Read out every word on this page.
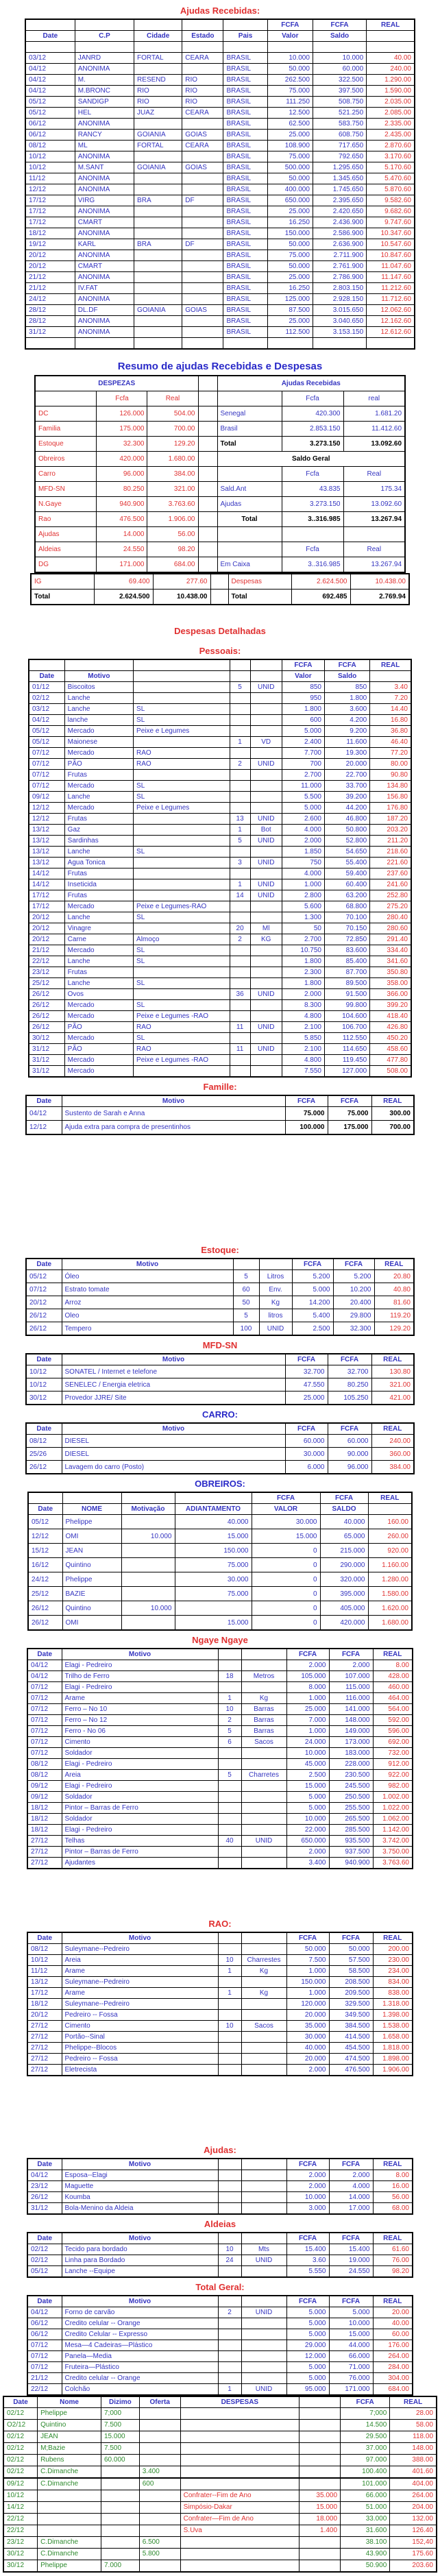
Ajudas Recebidas:
					FCFA	FCFA	REAL
Date	C.P	Cidade	Estado	Pais	Valor	Saldo	

03/12	JANRD	FORTAL	CEARA	BRASIL	10.000	10.000	40.00
04/12	ANONIMA			BRASIL	50.000	60.000	240.00
04/12	M.	RESEND	RIO	BRASIL	262.500	322.500	1.290.00
04/12	M.BRONC	RIO	RIO	BRASIL	75.000	397.500	1.590.00
05/12	SANDIGP	RIO	RIO	BRASIL	111.250	508.750	2.035.00
05/12	HEL	JUAZ	CEARA	BRASIL	12.500	521.250	2.085.00
06/12	ANONIMA			BRASIL	62.500	583.750	2.335.00
06/12	RANCY	GOIANIA	GOIAS	BRASIL	25.000	608.750	2.435.00
08/12	ML	FORTAL	CEARA	BRASIL	108.900	717.650	2.870.60
10/12	ANONIMA			BRASIL	75.000	792.650	3.170.60
10/12	M.SANT	GOIANIA	GOIAS	BRASIL	500.000	1.295.650	5.170.60
11/12	ANONIMA			BRASIL	50.000	1.345.650	5.470.60
12/12	ANONIMA			BRASIL	400.000	1.745.650	5.870.60
17/12	VIRG	BRA	DF	BRASIL	650.000	2.395.650	9.582.60
17/12	ANONIMA			BRASIL	25.000	2.420.650	9.682.60
17/12	CMART			BRASIL	16.250	2.436.900	9.747.60
18/12	ANONIMA			BRASIL	150.000	2.586.900	10.347.60
19/12	KARL	BRA	DF	BRASIL	50.000	2.636.900	10.547.60
20/12	ANONIMA			BRASIL	75.000	2.711.900	10.847.60
20/12	CMART			BRASIL	50.000	2.761.900	11.047.60
21/12	ANONIMA			BRASIL	25.000	2.786.900	11.147.60
21/12	IV.FAT			BRASIL	16.250	2.803.150	11.212.60
24/12	ANONIMA			BRASIL	125.000	2.928.150	11.712.60
28/12	DL.DF	GOIANIA	GOIAS	BRASIL	87.500	3.015.650	12.062.60
28/12	ANONIMA			BRASIL	25.000	3.040.650	12.162.60
31/12	ANONIMA			BRASIL	112.500	3.153.150	12.612.60

Resumo de ajudas Recebidas e Despesas
DESPEZAS				Ajudas Recebidas		
	Fcfa	Real			Fcfa	real
DC	126.000	504.00		Senegal	420.300	1.681.20
Familia	175.000	700.00		Brasil	2.853.150	11.412.60
Estoque	32.300	129.20		Total	3.273.150	13.092.60
Obreiros	420.000	1.680.00		Saldo Geral		
Carro	96.000	384.00			Fcfa	Real
MFD-SN	80.250	321.00		Sald.Ant	43.835	175.34
N.Gaye	940.900	3.763.60		Ajudas	3.273.150	13.092.60
Rao	476.500	1.906.00		Total	3..316.985	13.267.94
Ajudas	14.000	56.00				
Aldeias	24.550	98.20			Fcfa	Real
DG	171.000	684.00		Em Caixa	3..316.985	13.267.94
IG	69.400	277.60		Despesas	2.624.500	10.438.00
Total	2.624.500	10.438.00		Total	692.485	2.769.94
Despesas Detalhadas
Pessoais:
					FCFA	FCFA	REAL
Date	Motivo				Valor	Saldo	
01/12	Biscoitos		5	UNID	850	850	3.40
02/12	Lanche				950	1.800	7.20
03/12	Lanche	SL			1.800	3.600	14.40
04/12	lanche	SL			600	4.200	16.80
05/12	Mercado	Peixe e Legumes			5.000	9.200	36.80
05/12	Maionese		1	VD	2.400	11.600	46.40
07/12	Mercado	RAO			7.700	19.300	77.20
07/12	PÃO	RAO	2	UNID	700	20.000	80.00
07/12	Frutas				2.700	22.700	90.80
07/12	Mercado	SL			11.000	33.700	134.80
09/12	Lanche	SL			5.500	39.200	156.80
12/12	Mercado	Peixe e Legumes			5.000	44.200	176.80
12/12	Frutas		13	UNID	2.600	46.800	187.20
13/12	Gaz		1	Bot	4.000	50.800	203.20
13/12	Sardinhas		5	UNID	2.000	52.800	211.20
13/12	Lanche	SL			1.850	54.650	218.60
13/12	Agua Tonica		3	UNID	750	55.400	221.60
14/12	Frutas				4.000	59.400	237.60
14/12	Inseticida		1	UNID	1.000	60.400	241.60
17/12	Frutas		14	UNID	2.800	63.200	252.80
17/12	Mercado	Peixe e Legumes-RAO			5.600	68.800	275.20
20/12	Lanche	SL			1.300	70.100	280.40
20/12	Vinagre		20	Ml	50	70.150	280.60
20/12	Carne	Almoço	2	KG	2.700	72.850	291.40
21/12	Mercado	SL			10.750	83.600	334.40
22/12	Lanche	SL			1.800	85.400	341.60
23/12	Frutas				2.300	87.700	350.80
25/12	Lanche	SL			1.800	89.500	358.00
26/12	Ovos		36	UNID	2.000	91.500	366.00
26/12	Mercado	SL			8.300	99.800	399.20
26/12	Mercado	Peixe e Legumes -RAO			4.800	104.600	418.40
26/12	PÃO	RAO	11	UNID	2.100	106.700	426.80
30/12	Mercado	SL			5.850	112.550	450.20
31/12	PÃO	RAO	11	UNID	2.100	114.650	458.60
31/12	Mercado	Peixe e Legumes -RAO			4.800	119.450	477.80
31/12	Mercado				7.550	127.000	508.00
Famille:
Date	Motivo	FCFA	FCFA	REAL
04/12	Sustento de Sarah e Anna	75.000	75.000	300.00
12/12	Ajuda extra para compra de presentinhos	100.000	175.000	700.00
Estoque:
Date	Motivo			FCFA	FCFA	REAL
05/12	Óleo	5	Litros	5.200	5.200	20.80
07/12	Estrato tomate	60	Env.	5.000	10.200	40.80
20/12	Arroz	50	Kg	14.200	20.400	81.60
26/12	Oleo	5	litros	5.400	29.800	119.20
26/12	Tempero	100	UNID	2.500	32.300	129.20
MFD-SN
Date	Motivo	FCFA	FCFA	REAL
10/12	SONATEL / Internet e telefone	32.700	32.700	130.80
10/12	SENELEC / Energia eletrica	47.550	80.250	321.00
30/12	Provedor JJRE/ Site	25.000	105.250	421.00
CARRO:
Date	Motivo	FCFA	FCFA	REAL
08/12	DIESEL	60.000	60.000	240.00
25/26	DIESEL	30.000	90.000	360.00
26/12	Lavagem do carro (Posto)	6.000	96.000	384.00
OBREIROS:
				FCFA	FCFA	REAL
Date	NOME	Motivação	ADIANTAMENTO	VALOR	SALDO	
05/12	Phelippe		40.000	30.000	40.000	160.00
12/12	OMI	10.000	15.000	15.000	65.000	260.00
15/12	JEAN		150.000	0	215.000	920.00
16/12	Quintino		75.000	0	290.000	1.160.00
24/12	Phelippe		30.000	0	320.000	1.280.00
25/12	BAZIE		75.000	0	395.000	1.580.00
26/12	Quintino	10.000		0	405.000	1.620.00
26/12	OMI		15.000	0	420.000	1.680.00
Ngaye Ngaye
Date	Motivo			FCFA	FCFA	REAL
04/12	Elagi - Pedreiro			2.000	2.000	8.00
04/12	Trilho de Ferro	18	Metros	105.000	107.000	428.00
07/12	Elagi - Pedreiro			8.000	115.000	460.00
07/12	Arame	1	Kg	1.000	116.000	464.00
07/12	Ferro – No 10	10	Barras	25.000	141.000	564.00
07/12	Ferro – No 12	2	Barras	7.000	148.000	592.00
07/12	Ferro - No 06	5	Barras	1.000	149.000	596.00
07/12	Cimento	6	Sacos	24.000	173.000	692.00
07/12	Soldador			10.000	183.000	732.00
08/12	Elagi - Pedreiro			45.000	228.000	912.00
08/12	Areia	5	Charretes	2.500	230.500	922.00
09/12	Elagi - Pedreiro			15.000	245.500	982.00
09/12	Soldador			5.000	250.500	1.002.00
18/12	Pintor – Barras de Ferro			5.000	255.500	1.022.00
18/12	Soldador			10.000	265.500	1.062.00
18/12	Elagi - Pedreiro			22.000	285.500	1.142.00
27/12	Telhas	40	UNID	650.000	935.500	3.742.00
27/12	Pintor – Barras de Ferro			2.000	937.500	3.750.00
27/12	Ajudantes			3.400	940.900	3.763.60
RAO:
Date	Motivo			FCFA	FCFA	REAL
08/12	Suleymane--Pedreiro			50.000	50.000	200.00
10/12	Areia	10	Charrestes	7.500	57.500	230.00
11/12	Arame	1	Kg	1.000	58.500	234.00
13/12	Suleymane--Pedreiro			150.000	208.500	834.00
17/12	Arame	1	Kg	1.000	209.500	838.00
18/12	Suleymane--Pedreiro			120.000	329.500	1.318.00
20/12	Pedreiro -- Fossa			20.000	349.500	1.398.00
27/12	Cimento	10	Sacos	35.000	384.500	1.538.00
27/12	Portão--Sinal			30.000	414.500	1.658.00
27/12	Phelippe--Blocos			40.000	454.500	1.818.00
27/12	Pedreiro -- Fossa			20.000	474.500	1.898.00
27/12	Eletrecista			2.000	476.500	1.906.00
Ajudas:
Date	Motivo			FCFA	FCFA	REAL
04/12	Esposa--Elagi			2.000	2.000	8.00
23/12	Maguette			2.000	4.000	16.00
26/12	Koumba			10.000	14.000	56.00
31/12	Bola-Menino da Aldeia			3.000	17.000	68.00
Aldeias
Date	Motivo			FCFA	FCFA	REAL
02/12	Tecido para bordado	10	Mts	15.400	15.400	61.60
02/12	Linha para Bordado	24	UNID	3.60	19.000	76.00
05/12	Lanche --Equipe			5.550	24.550	98.20
Total Geral:
Date	Motivo			FCFA	FCFA	REAL
04/12	Forno de carvão	2	UNID	5.000	5.000	20.00
06/12	Credito celular -- Orange			5.000	10.000	40.00
06/12	Credito Celular -- Expresso			5.000	15.000	60.00
07/12	Mesa—4 Cadeiras—Plástico			29.000	44.000	176.00
07/12	Panela—Media			12.000	66.000	264.00
07/12	Fruteira—Plástico			5.000	71.000	284.00
21/12	Credito celular -- Orange			5.000	76.000	304.00
22/12	Colchão	1	UNID	95.000	171.000	684.00
Date	Nome	Dizimo	Oferta	DESPESAS		FCFA	REAL
02/12	Phelippe	7;000				7;000	28.00
O2/12	Quintino	7.500				14.500	58.00
02/12	JEAN	15.000				29.500	118.00
02/12	M;Bazie	7.500				37.000	148.00
02/12	Rubens	60.000				97.000	388.00
02/12	C.Dimanche		3.400			100.400	401.60
09/12	C.Dimanche		600			101.000	404.00
10/12				Confrater--Fim de Ano	35.000	66.000	264.00
14/12				Simpósio-Dakar	15.000	51.000	204.00
22/12				Confrater—Fim de Ano	18.000	33.000	132.00
22/12				S.Uva	1.400	31.600	126.40
23/12	C.Dimanche		6.500			38.100	152,40
30/12	C.Dimanche		5.800			43.900	175.60
30/12	Phelippe	7.000				50.900	203.60
